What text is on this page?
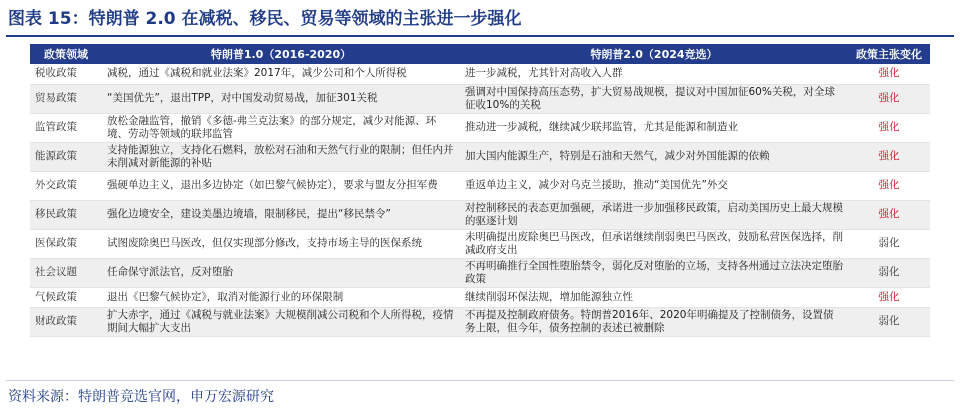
图表 15：特朗普 2.0 在减税、移民、贸易等领域的主张进一步强化
政策领域	特朗普1.0（2016-2020）	特朗普2.0（2024竞选）	政策主张变化
税收政策	减税，通过《减税和就业法案》2017年，减少公司和个人所得税	进一步减税，尤其针对高收入人群	强化
贸易政策	“美国优先”，退出TPP，对中国发动贸易战，加征301关税	强调对中国保持高压态势，扩大贸易战规模，提议对中国加征60%关税，对全球征收10%的关税	强化
监管政策	放松金融监管，撤销《多德-弗兰克法案》的部分规定，减少对能源、环境、劳动等领域的联邦监管	推动进一步减税，继续减少联邦监管，尤其是能源和制造业	强化
能源政策	支持能源独立，支持化石燃料，放松对石油和天然气行业的限制；但任内并未削减对新能源的补贴	加大国内能源生产，特别是石油和天然气，减少对外国能源的依赖	强化
外交政策	强硬单边主义，退出多边协定（如巴黎气候协定），要求与盟友分担军费	重返单边主义，减少对乌克兰援助，推动“美国优先”外交	强化
移民政策	强化边境安全，建设美墨边境墙，限制移民，提出“移民禁令”	对控制移民的表态更加强硬，承诺进一步加强移民政策，启动美国历史上最大规模的驱逐计划	强化
医保政策	试图废除奥巴马医改，但仅实现部分修改，支持市场主导的医保系统	未明确提出废除奥巴马医改，但承诺继续削弱奥巴马医改，鼓励私营医保选择，削减政府支出	弱化
社会议题	任命保守派法官，反对堕胎	不再明确推行全国性堕胎禁令，弱化反对堕胎的立场，支持各州通过立法决定堕胎政策	弱化
气候政策	退出《巴黎气候协定》，取消对能源行业的环保限制	继续削弱环保法规，增加能源独立性	强化
财政政策	扩大赤字，通过《减税与就业法案》大规模削减公司税和个人所得税，疫情期间大幅扩大支出	不再提及控制政府债务。特朗普2016年、2020年明确提及了控制债务，设置债务上限，但今年，债务控制的表述已被删除	弱化
资料来源：特朗普竞选官网，申万宏源研究
